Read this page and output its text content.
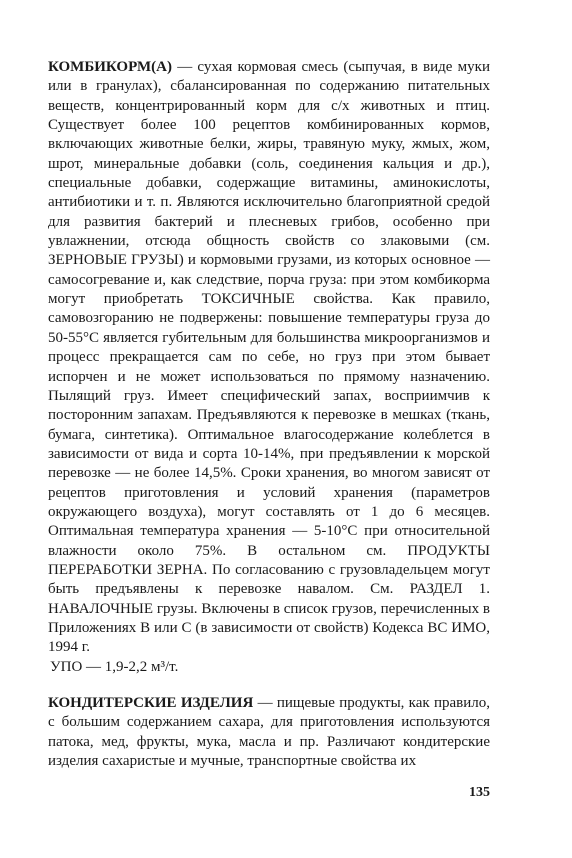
КОМБИКОРМ(А) — сухая кормовая смесь (сыпучая, в виде муки или в гранулах), сбалансированная по содержанию питательных веществ, концентрированный корм для с/х животных и птиц. Существует более 100 рецептов комбинированных кормов, включающих животные белки, жиры, травяную муку, жмых, жом, шрот, минеральные добавки (соль, соединения кальция и др.), специальные добавки, содержащие витамины, аминокислоты, антибиотики и т. п. Являются исключительно благоприятной средой для развития бактерий и плесневых грибов, особенно при увлажнении, отсюда общность свойств со злаковыми (см. ЗЕРНОВЫЕ ГРУЗЫ) и кормовыми грузами, из которых основное — самосогревание и, как следствие, порча груза: при этом комбикорма могут приобретать ТОКСИЧНЫЕ свойства. Как правило, самовозгоранию не подвержены: повышение температуры груза до 50-55°С является губительным для большинства микроорганизмов и процесс прекращается сам по себе, но груз при этом бывает испорчен и не может использоваться по прямому назначению. Пылящий груз. Имеет специфический запах, восприимчив к посторонним запахам. Предъявляются к перевозке в мешках (ткань, бумага, синтетика). Оптимальное влагосодержание колеблется в зависимости от вида и сорта 10-14%, при предъявлении к морской перевозке — не более 14,5%. Сроки хранения, во многом зависят от рецептов приготовления и условий хранения (параметров окружающего воздуха), могут составлять от 1 до 6 месяцев. Оптимальная температура хранения — 5-10°С при относительной влажности около 75%. В остальном см. ПРОДУКТЫ ПЕРЕРАБОТКИ ЗЕРНА. По согласованию с грузовладельцем могут быть предъявлены к перевозке навалом. См. РАЗДЕЛ 1. НАВАЛОЧНЫЕ грузы. Включены в список грузов, перечисленных в Приложениях В или С (в зависимости от свойств) Кодекса ВС ИМО, 1994 г.

УПО — 1,9-2,2 м³/т.

КОНДИТЕРСКИЕ ИЗДЕЛИЯ — пищевые продукты, как правило, с большим содержанием сахара, для приготовления используются патока, мед, фрукты, мука, масла и пр. Различают кондитерские изделия сахаристые и мучные, транспортные свойства их

135
